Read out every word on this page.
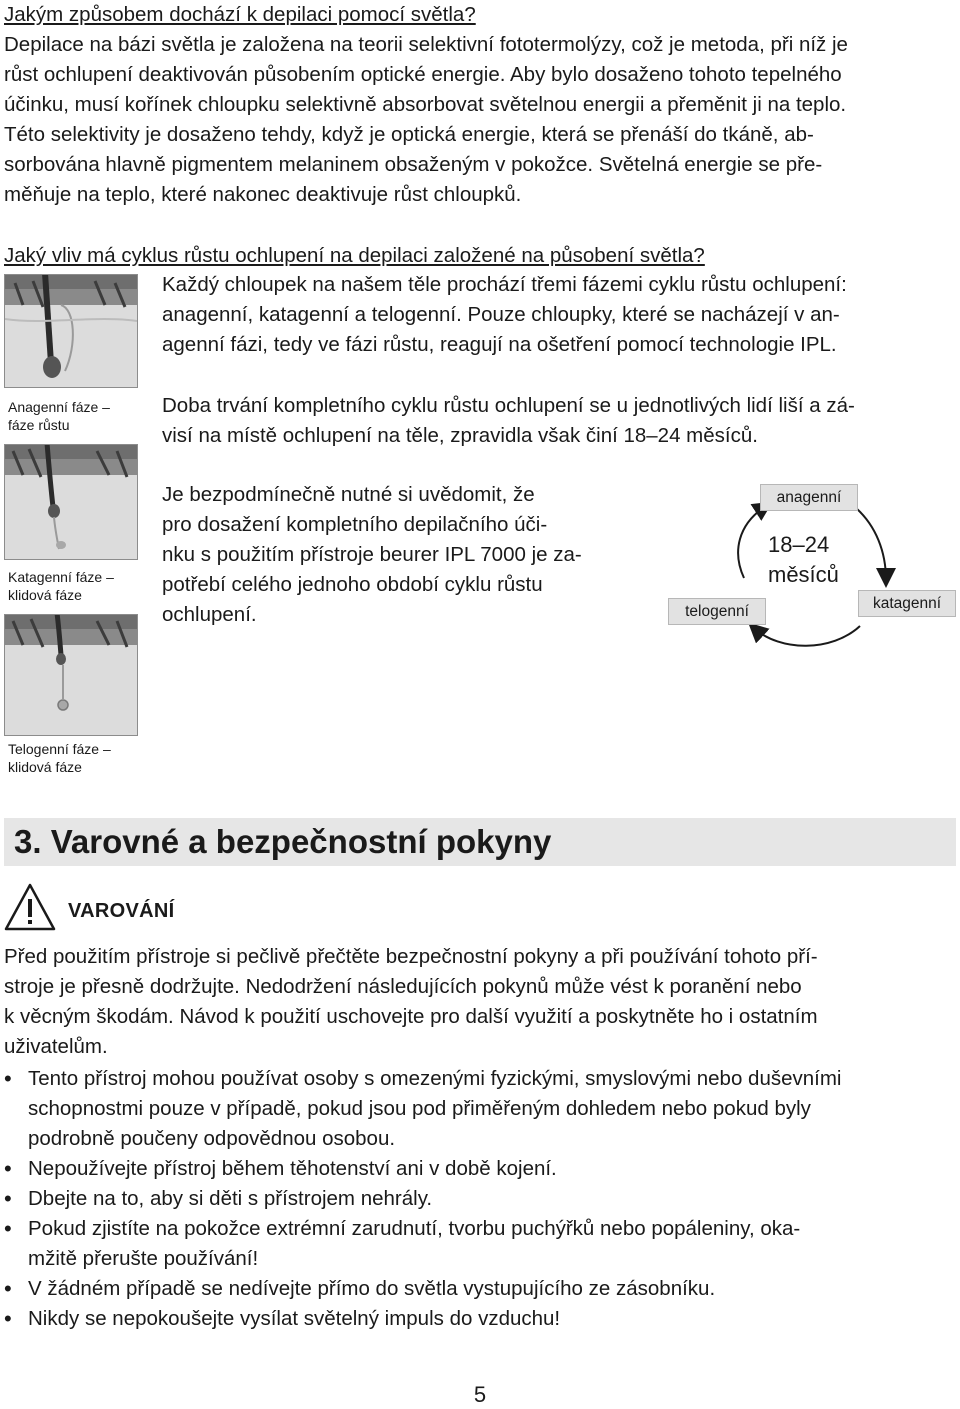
Jakým způsobem dochází k depilaci pomocí světla?
Depilace na bázi světla je založena na teorii selektivní fototermolýzy, což je metoda, při níž je
růst ochlupení deaktivován působením optické energie. Aby bylo dosaženo tohoto tepelného
účinku, musí kořínek chloupku selektivně absorbovat světelnou energii a přeměnit ji na teplo.
Této selektivity je dosaženo tehdy, když je optická energie, která se přenáší do tkáně, ab-
sorbována hlavně pigmentem melaninem obsaženým v pokožce. Světelná energie se pře-
měňuje na teplo, které nakonec deaktivuje růst chloupků.
Jaký vliv má cyklus růstu ochlupení na depilaci založené na působení světla?
Anagenní fáze –
fáze růstu
Katagenní fáze –
klidová fáze
Telogenní fáze –
klidová fáze
Každý chloupek na našem těle prochází třemi fázemi cyklu růstu ochlupení:
anagenní, katagenní a telogenní. Pouze chloupky, které se nacházejí v an-
agenní fázi, tedy ve fázi růstu, reagují na ošetření pomocí technologie IPL.
Doba trvání kompletního cyklu růstu ochlupení se u jednotlivých lidí liší a zá-
visí na místě ochlupení na těle, zpravidla však činí 18–24 měsíců.
Je bezpodmínečně nutné si uvědomit, že
pro dosažení kompletního depilačního úči-
nku s použitím přístroje beurer IPL 7000 je za-
potřebí celého jednoho období cyklu růstu
ochlupení.
anagenní
katagenní
telogenní
18–24
měsíců
3. Varovné a bezpečnostní pokyny
VAROVÁNÍ
Před použitím přístroje si pečlivě přečtěte bezpečnostní pokyny a při používání tohoto pří-
stroje je přesně dodržujte. Nedodržení následujících pokynů může vést k poranění nebo
k věcným škodám. Návod k použití uschovejte pro další využití a poskytněte ho i ostatním
uživatelům.
• Tento přístroj mohou používat osoby s omezenými fyzickými, smyslovými nebo duševními
schopnostmi pouze v případě, pokud jsou pod přiměřeným dohledem nebo pokud byly
podrobně poučeny odpovědnou osobou.
• Nepoužívejte přístroj během těhotenství ani v době kojení.
• Dbejte na to, aby si děti s přístrojem nehrály.
• Pokud zjistíte na pokožce extrémní zarudnutí, tvorbu puchýřků nebo popáleniny, oka-
mžitě přerušte používání!
• V žádném případě se nedívejte přímo do světla vystupujícího ze zásobníku.
• Nikdy se nepokoušejte vysílat světelný impuls do vzduchu!
5
